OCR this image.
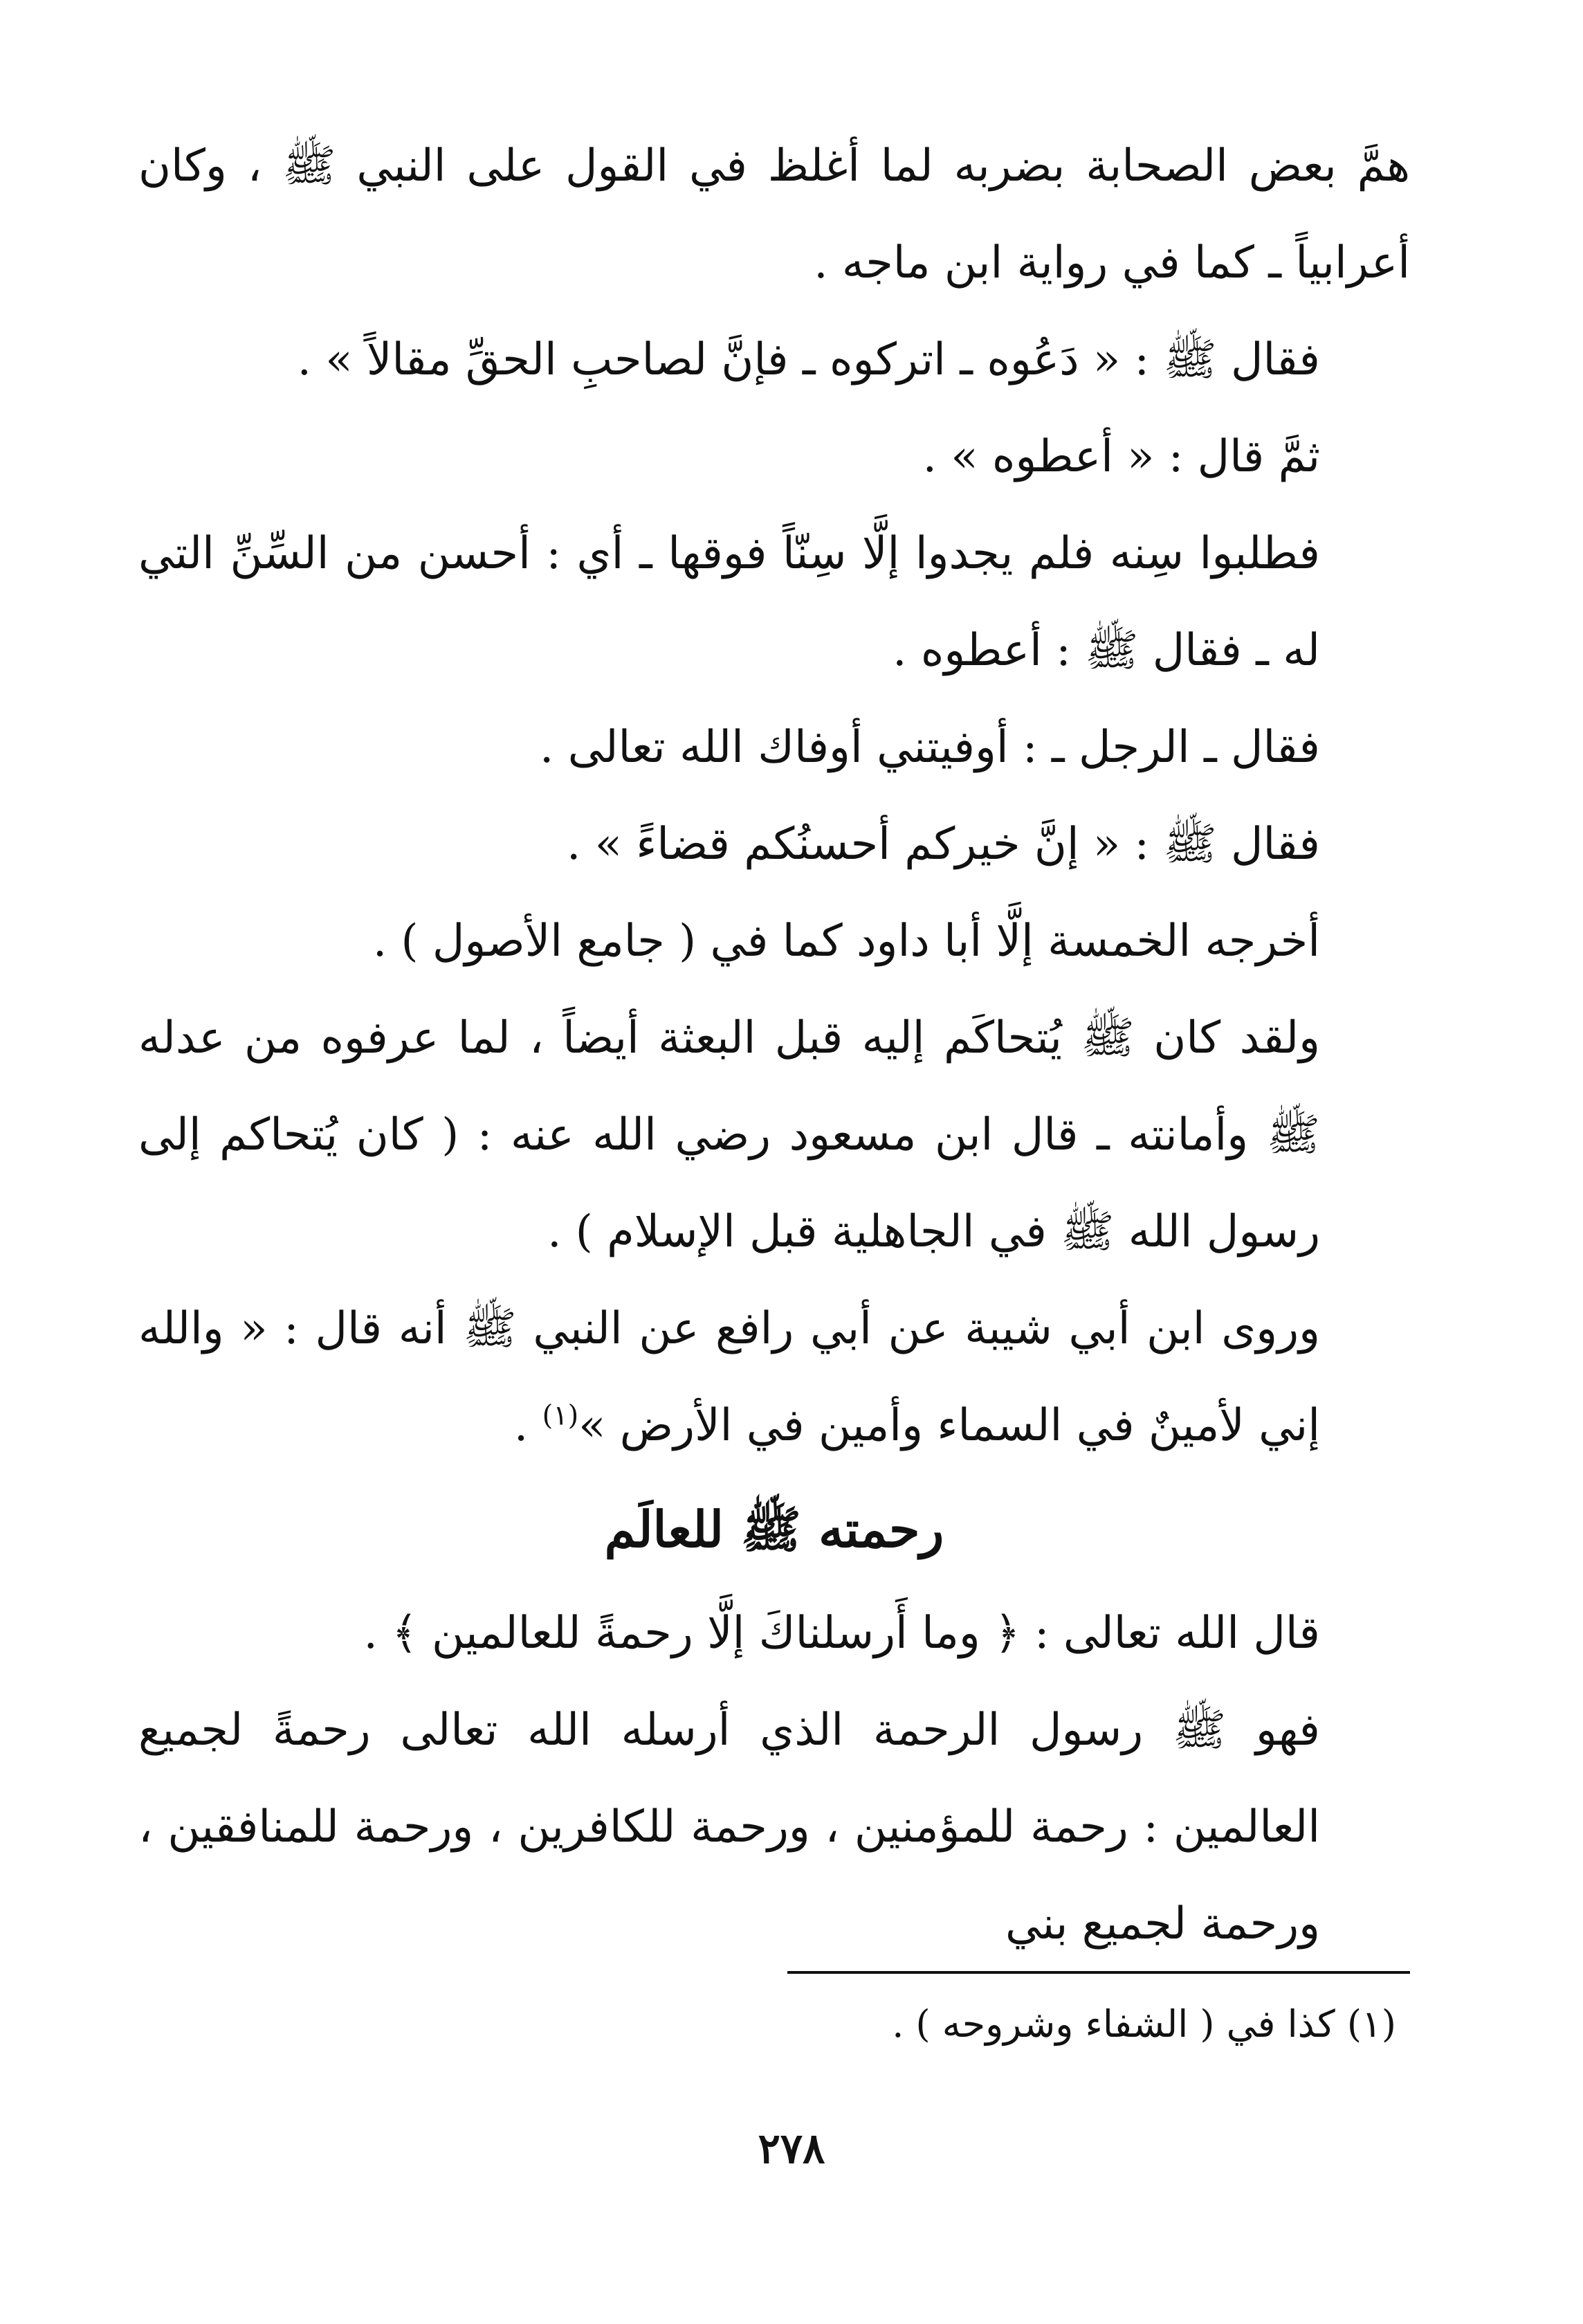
همَّ بعض الصحابة بضربه لما أغلظ في القول على النبي ﷺ ، وكان أعرابياً ـ كما في رواية ابن ماجه .

فقال ﷺ : « دَعُوه ـ اتركوه ـ فإنَّ لصاحبِ الحقِّ مقالاً » .

ثمَّ قال : « أعطوه » .

فطلبوا سِنه فلم يجدوا إلَّا سِنّاً فوقها ـ أي : أحسن من السِّنِّ التي له ـ فقال ﷺ : أعطوه .

فقال ـ الرجل ـ : أوفيتني أوفاك الله تعالى .

فقال ﷺ : « إنَّ خيركم أحسنُكم قضاءً » .

أخرجه الخمسة إلَّا أبا داود كما في ( جامع الأصول ) .

ولقد كان ﷺ يُتحاكَم إليه قبل البعثة أيضاً ، لما عرفوه من عدله ﷺ وأمانته ـ قال ابن مسعود رضي الله عنه : ( كان يُتحاكم إلى رسول الله ﷺ في الجاهلية قبل الإسلام ) .

وروى ابن أبي شيبة عن أبي رافع عن النبي ﷺ أنه قال : « والله إني لأمينٌ في السماء وأمين في الأرض »$^{(١)}$ .

رحمته ﷺ للعالَم

قال الله تعالى : ﴿ وما أَرسلناكَ إلَّا رحمةً للعالمين ﴾ .

فهو ﷺ رسول الرحمة الذي أرسله الله تعالى رحمةً لجميع العالمين : رحمة للمؤمنين ، ورحمة للكافرين ، ورحمة للمنافقين ، ورحمة لجميع بني

(١) كذا في ( الشفاء وشروحه ) .
٢٧٨
